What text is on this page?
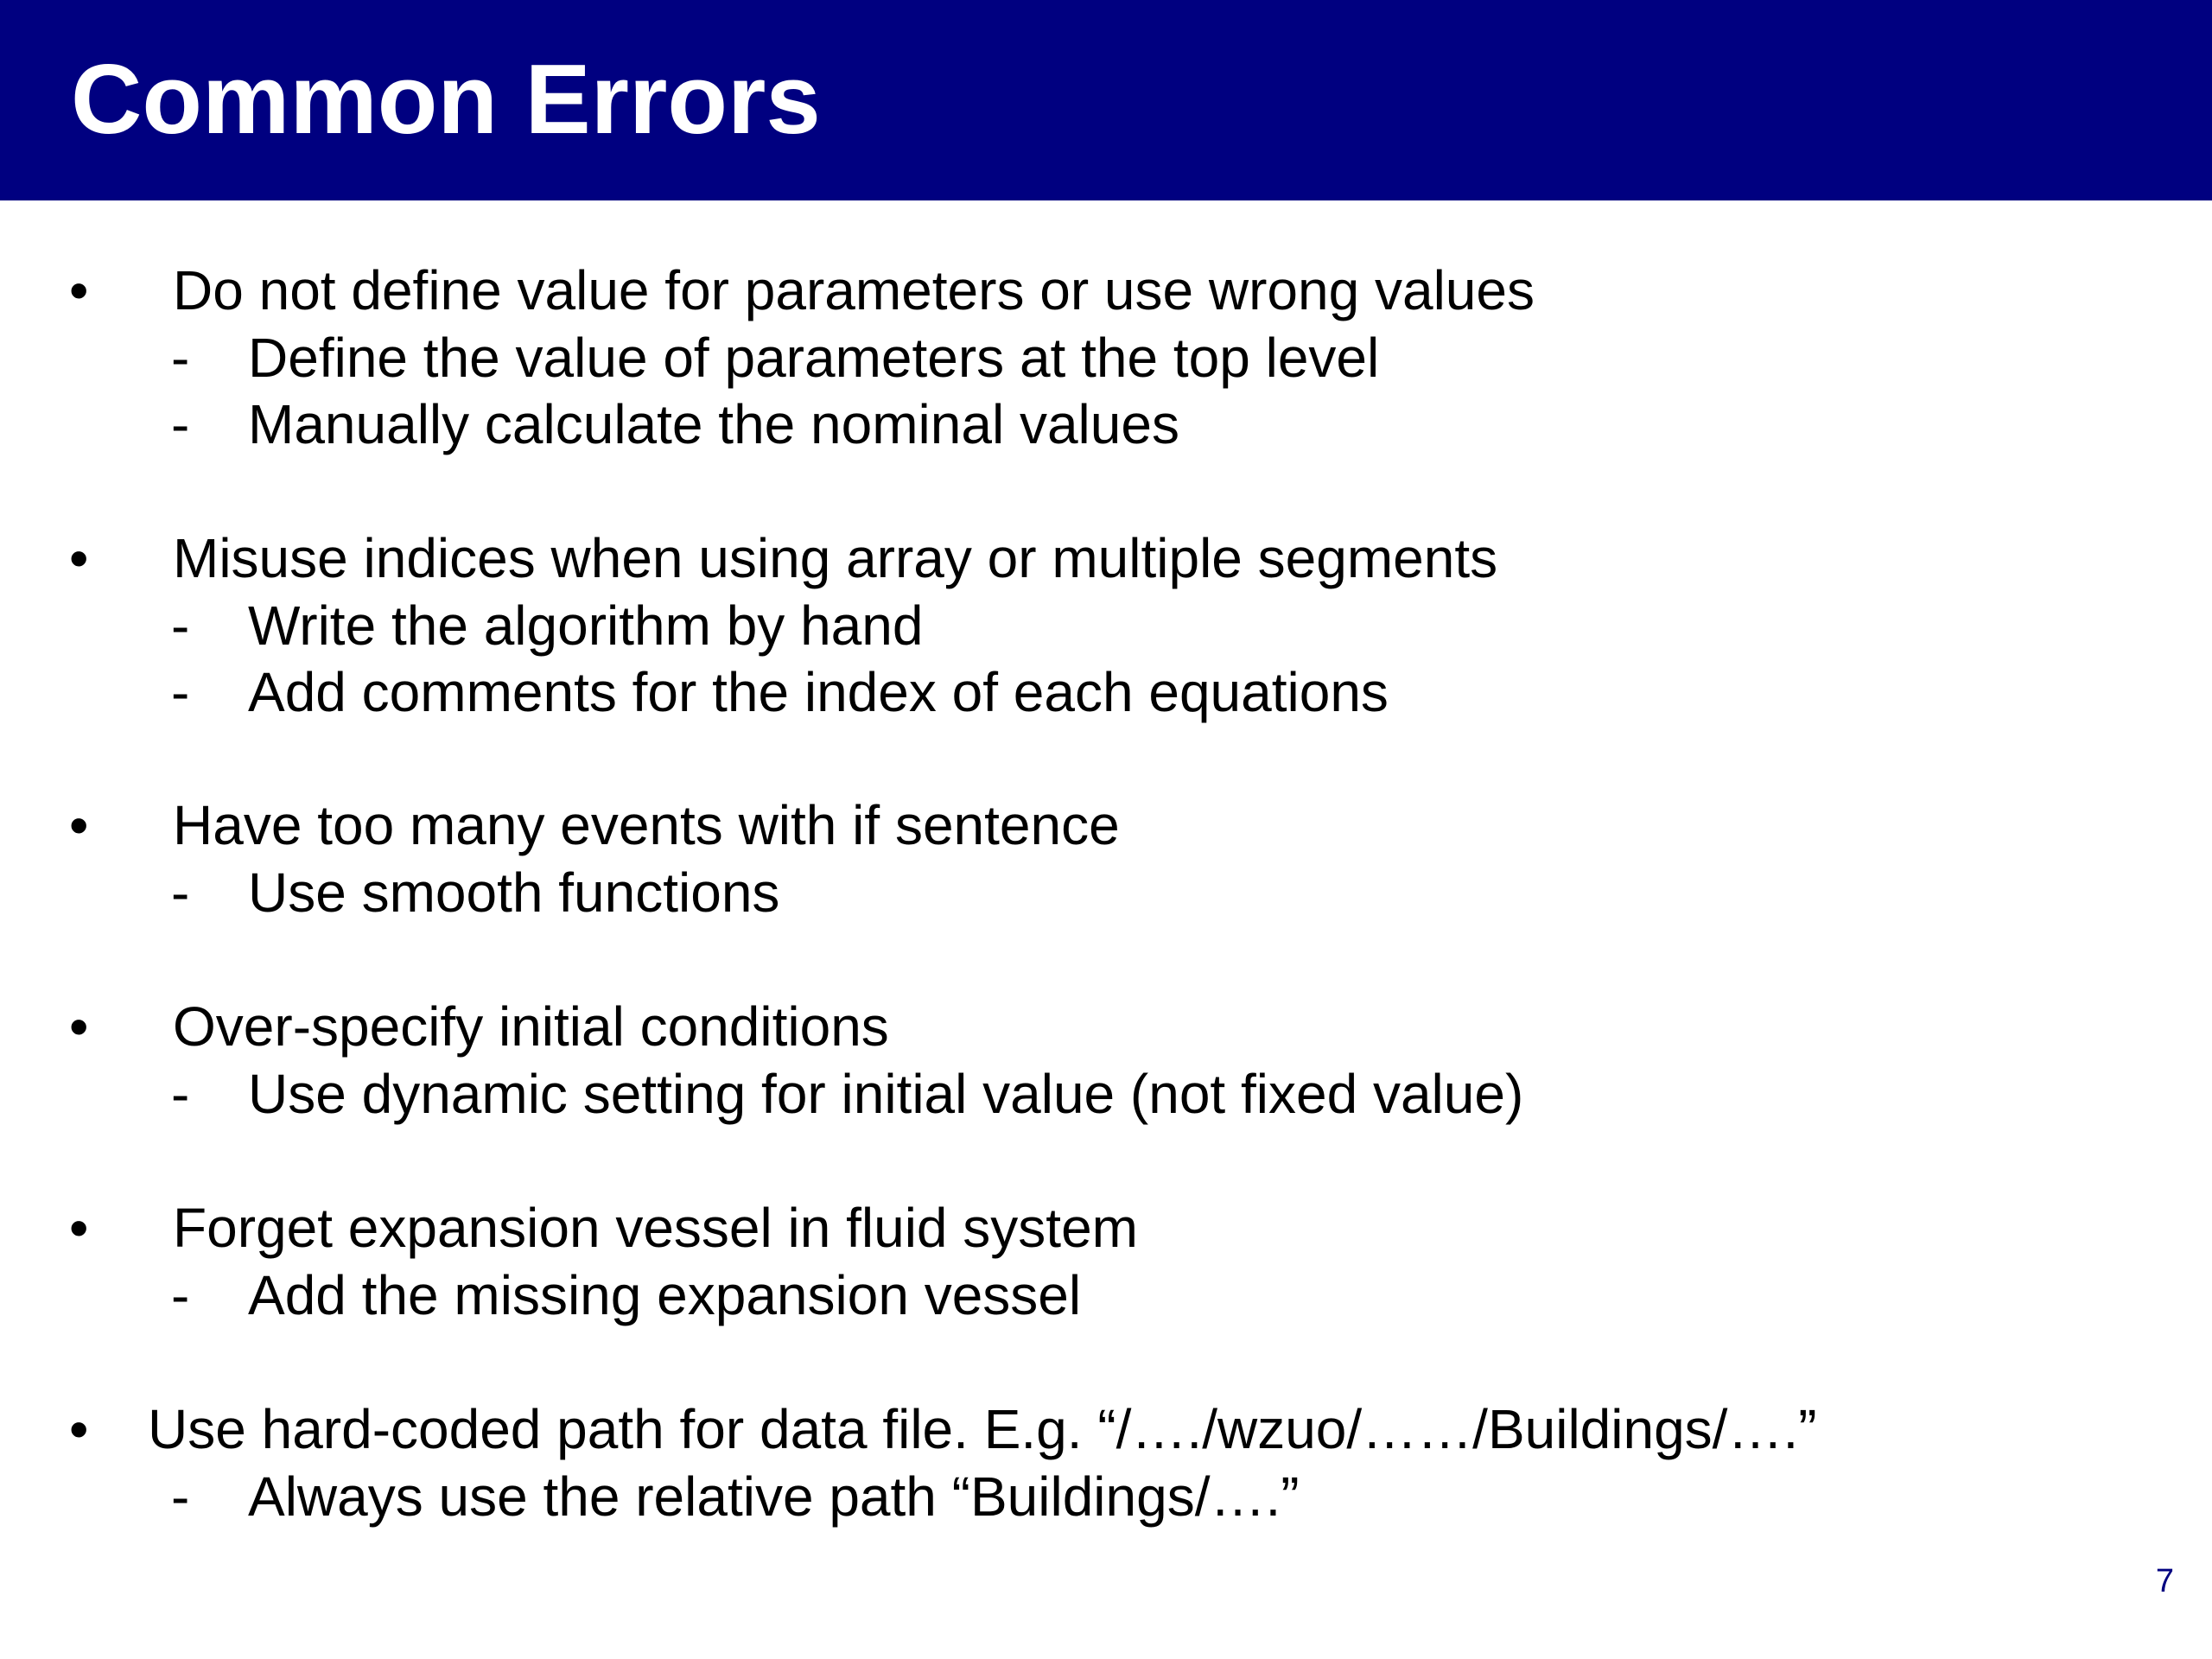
Common Errors
• Do not define value for parameters or use wrong values
- Define the value of parameters at the top level
- Manually calculate the nominal values
• Misuse indices when using array or multiple segments
- Write the algorithm by hand
- Add comments for the index of each equations
• Have too many events with if sentence
- Use smooth functions
• Over-specify initial conditions
- Use dynamic setting for initial value (not fixed value)
• Forget expansion vessel in fluid system
- Add the missing expansion vessel
• Use hard-coded path for data file. E.g. “/…./wzuo/……/Buildings/….”
- Always use the relative path “Buildings/….”
7
